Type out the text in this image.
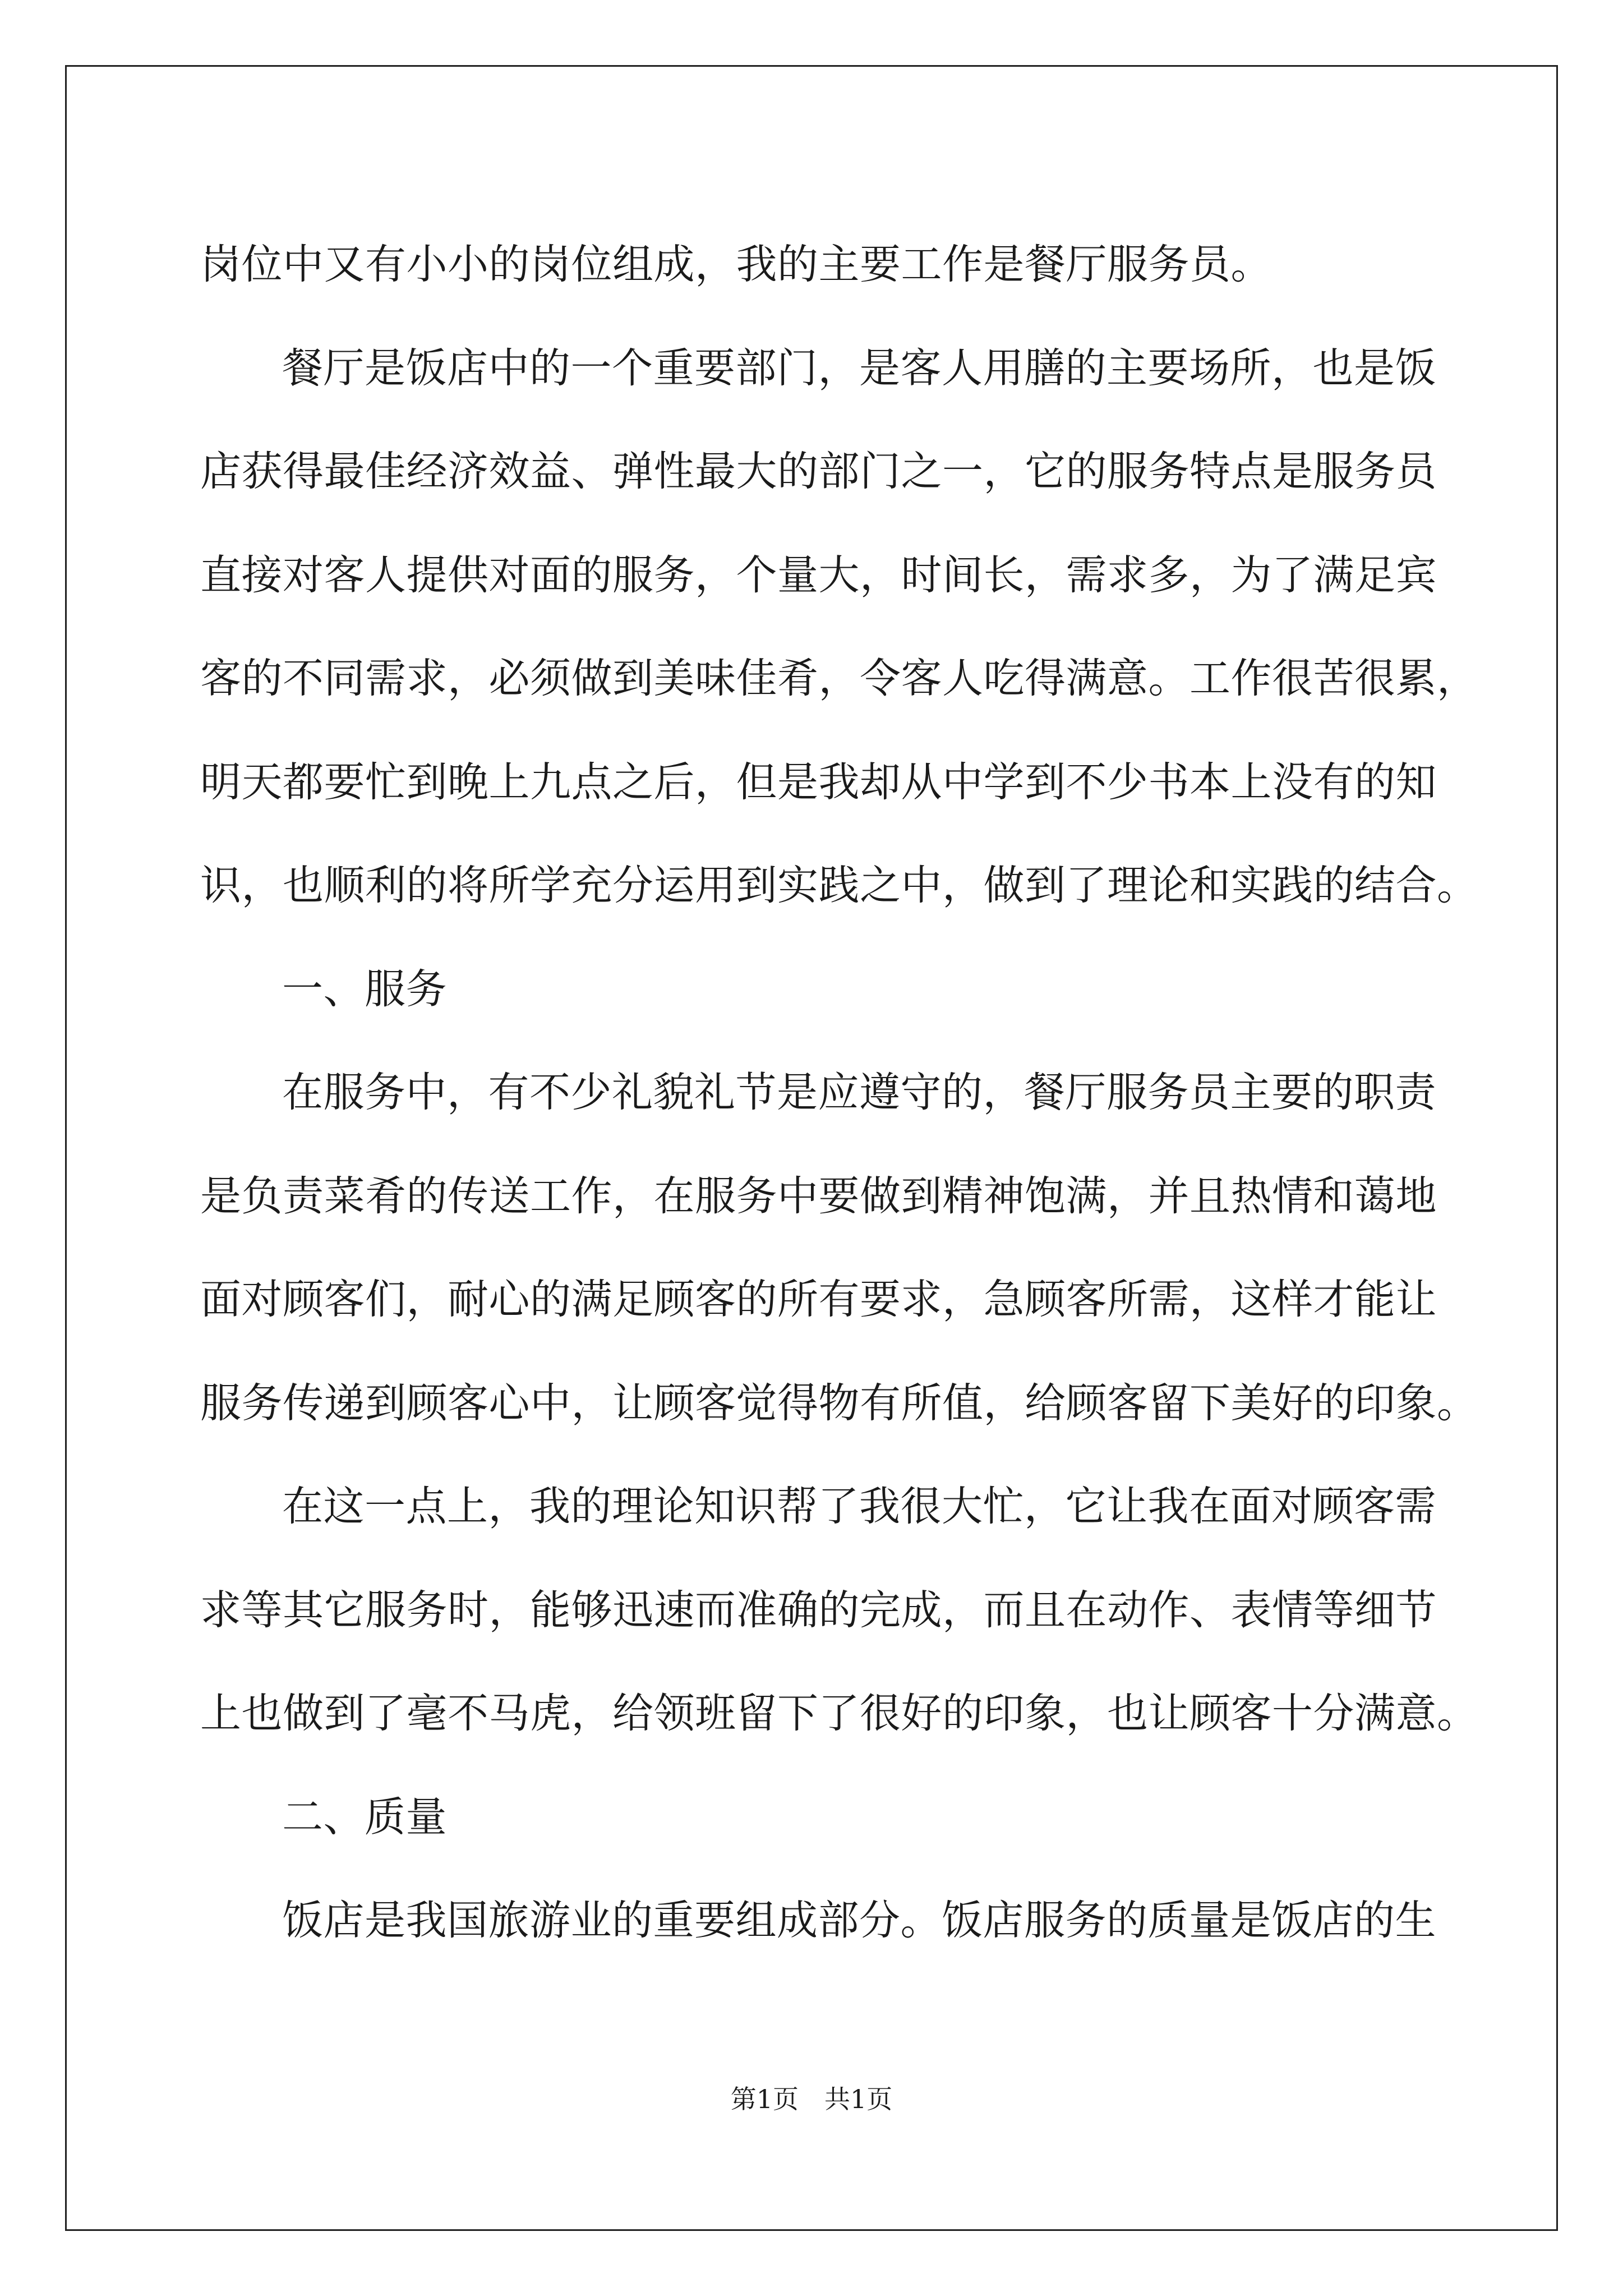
岗位中又有小小的岗位组成，我的主要工作是餐厅服务员。
餐厅是饭店中的一个重要部门，是客人用膳的主要场所，也是饭
店获得最佳经济效益、弹性最大的部门之一，它的服务特点是服务员
直接对客人提供对面的服务，个量大，时间长，需求多，为了满足宾
客的不同需求，必须做到美味佳肴，令客人吃得满意。工作很苦很累，
明天都要忙到晚上九点之后，但是我却从中学到不少书本上没有的知
识，也顺利的将所学充分运用到实践之中，做到了理论和实践的结合。
一、服务
在服务中，有不少礼貌礼节是应遵守的，餐厅服务员主要的职责
是负责菜肴的传送工作，在服务中要做到精神饱满，并且热情和蔼地
面对顾客们，耐心的满足顾客的所有要求，急顾客所需，这样才能让
服务传递到顾客心中，让顾客觉得物有所值，给顾客留下美好的印象。
在这一点上，我的理论知识帮了我很大忙，它让我在面对顾客需
求等其它服务时，能够迅速而准确的完成，而且在动作、表情等细节
上也做到了毫不马虎，给领班留下了很好的印象，也让顾客十分满意。
二、质量
饭店是我国旅游业的重要组成部分。饭店服务的质量是饭店的生
第1页　共1页
